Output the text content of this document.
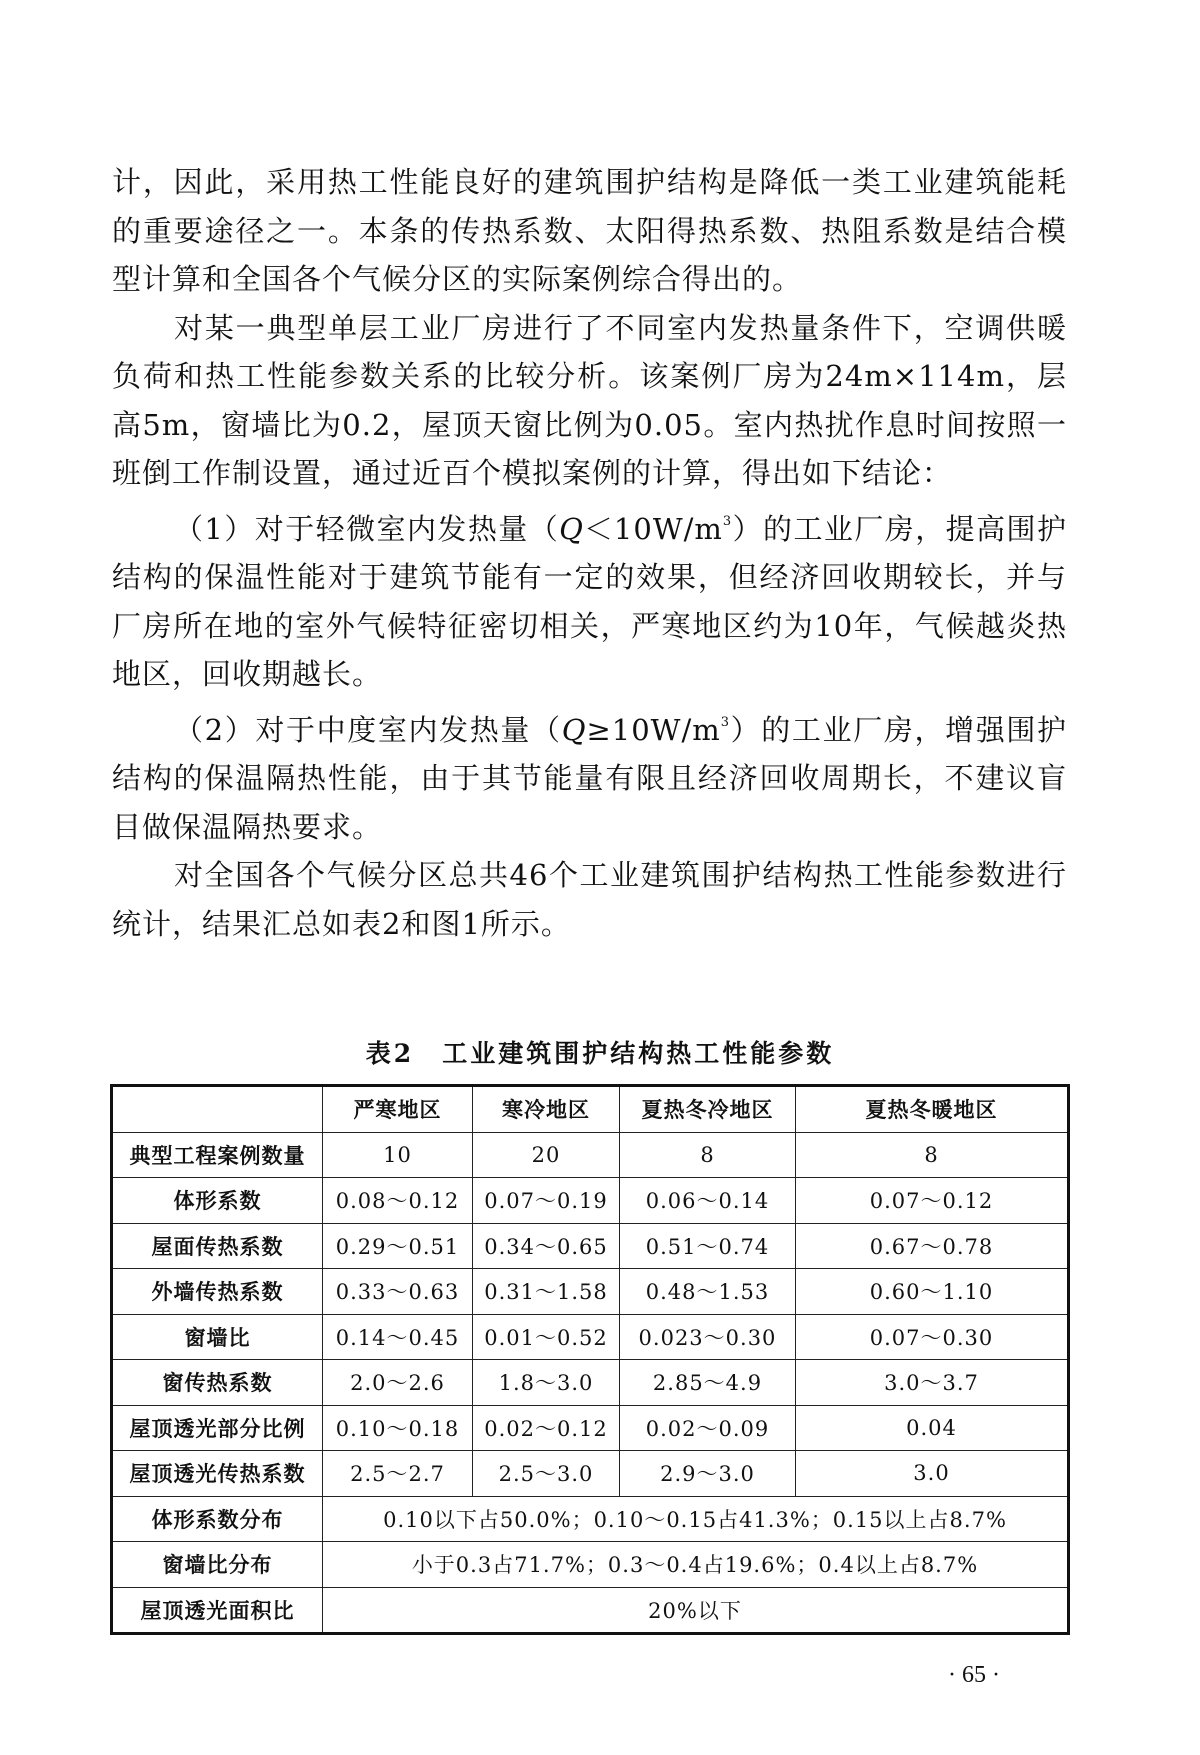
计，因此，采用热工性能良好的建筑围护结构是降低一类工业建筑能耗的重要途径之一。本条的传热系数、太阳得热系数、热阻系数是结合模型计算和全国各个气候分区的实际案例综合得出的。

对某一典型单层工业厂房进行了不同室内发热量条件下，空调供暖负荷和热工性能参数关系的比较分析。该案例厂房为24m×114m，层高5m，窗墙比为0.2，屋顶天窗比例为0.05。室内热扰作息时间按照一班倒工作制设置，通过近百个模拟案例的计算，得出如下结论：

（1）对于轻微室内发热量$(Q<10W/m^3)$的工业厂房，提高围护结构的保温性能对于建筑节能有一定的效果，但经济回收期较长，并与厂房所在地的室外气候特征密切相关，严寒地区约为10年，气候越炎热地区，回收期越长。

（2）对于中度室内发热量$(Q\ge 10W/m^3)$的工业厂房，增强围护结构的保温隔热性能，由于其节能量有限且经济回收周期长，不建议盲目做保温隔热要求。

对全国各个气候分区总共46个工业建筑围护结构热工性能参数进行统计，结果汇总如表2和图1所示。

表2　工业建筑围护结构热工性能参数
	严寒地区	寒冷地区	夏热冬冷地区	夏热冬暖地区
典型工程案例数量	10	20	8	8
体形系数	0.08～0.12	0.07～0.19	0.06～0.14	0.07～0.12
屋面传热系数	0.29～0.51	0.34～0.65	0.51～0.74	0.67～0.78
外墙传热系数	0.33～0.63	0.31～1.58	0.48～1.53	0.60～1.10
窗墙比	0.14～0.45	0.01～0.52	0.023～0.30	0.07～0.30
窗传热系数	2.0～2.6	1.8～3.0	2.85～4.9	3.0～3.7
屋顶透光部分比例	0.10～0.18	0.02～0.12	0.02～0.09	0.04
屋顶透光传热系数	2.5～2.7	2.5～3.0	2.9～3.0	3.0
体形系数分布	0.10以下占50.0%；0.10～0.15占41.3%；0.15以上占8.7%			
窗墙比分布	小于0.3占71.7%；0.3～0.4占19.6%；0.4以上占8.7%			
屋顶透光面积比	20%以下			
· 65 ·
